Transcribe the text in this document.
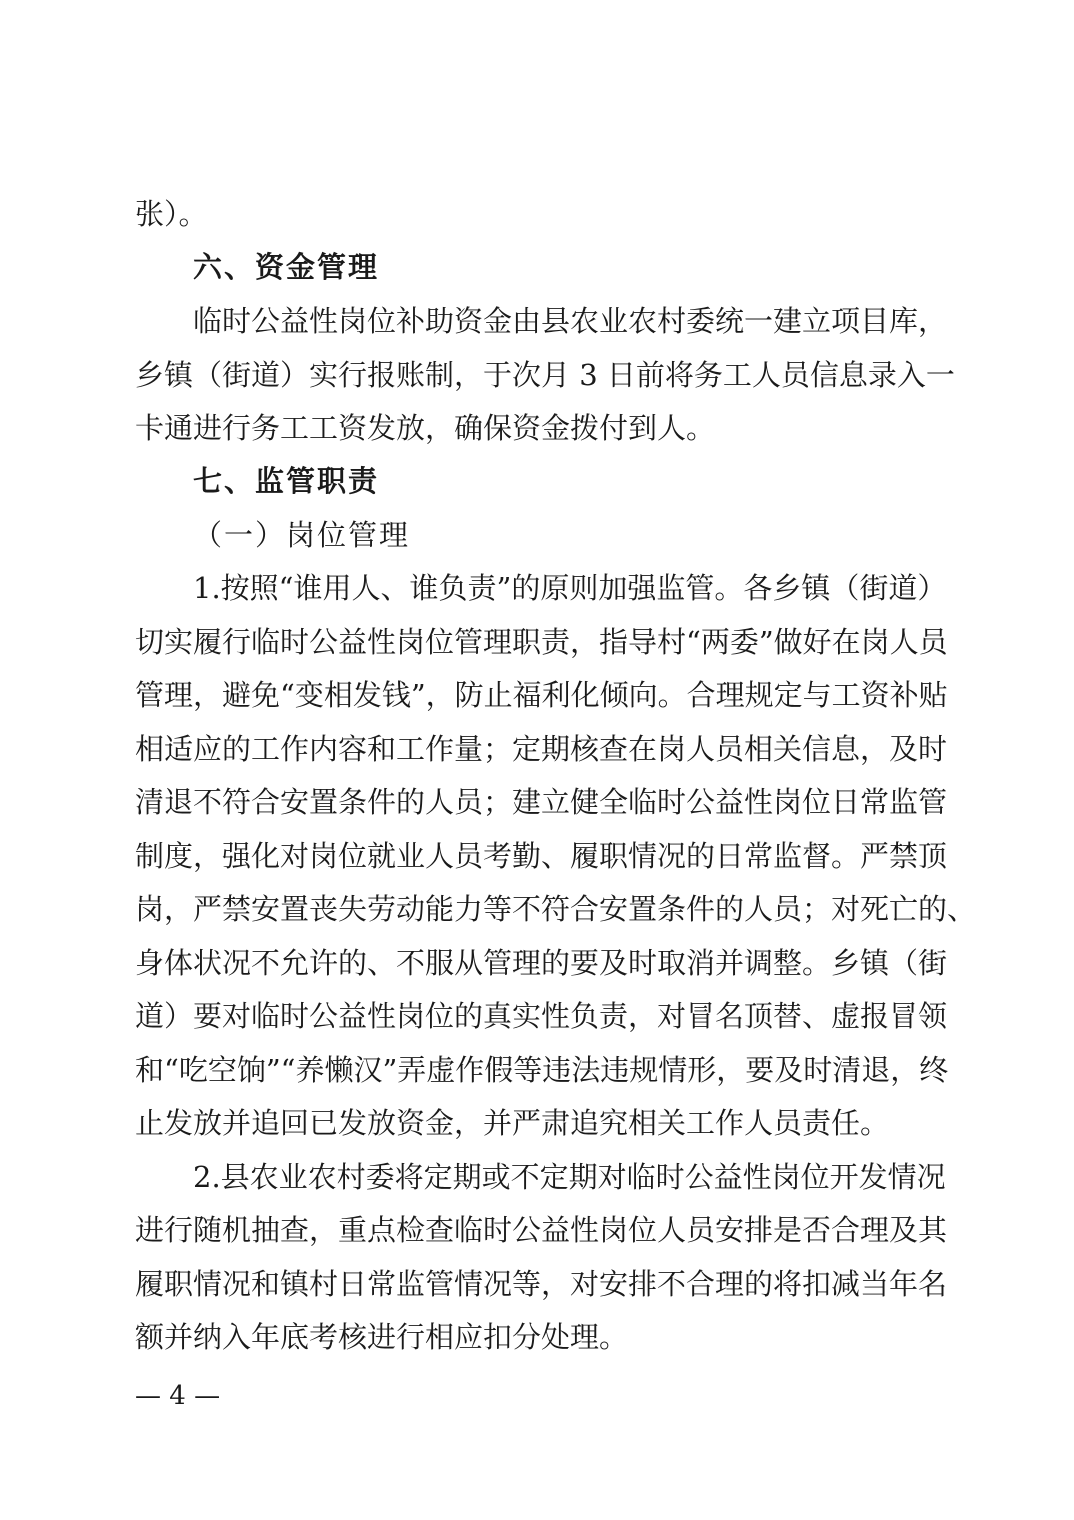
张）。
六、资金管理
临时公益性岗位补助资金由县农业农村委统一建立项目库，
乡镇（街道）实行报账制，于次月 3 日前将务工人员信息录入一
卡通进行务工工资发放，确保资金拨付到人。
七、监管职责
（一）岗位管理
1.按照“谁用人、谁负责”的原则加强监管。各乡镇（街道）
切实履行临时公益性岗位管理职责，指导村“两委”做好在岗人员
管理，避免“变相发钱”，防止福利化倾向。合理规定与工资补贴
相适应的工作内容和工作量；定期核查在岗人员相关信息，及时
清退不符合安置条件的人员；建立健全临时公益性岗位日常监管
制度，强化对岗位就业人员考勤、履职情况的日常监督。严禁顶
岗，严禁安置丧失劳动能力等不符合安置条件的人员；对死亡的、
身体状况不允许的、不服从管理的要及时取消并调整。乡镇（街
道）要对临时公益性岗位的真实性负责，对冒名顶替、虚报冒领
和“吃空饷”“养懒汉”弄虚作假等违法违规情形，要及时清退，终
止发放并追回已发放资金，并严肃追究相关工作人员责任。
2.县农业农村委将定期或不定期对临时公益性岗位开发情况
进行随机抽查，重点检查临时公益性岗位人员安排是否合理及其
履职情况和镇村日常监管情况等，对安排不合理的将扣减当年名
额并纳入年底考核进行相应扣分处理。
— 4 —
